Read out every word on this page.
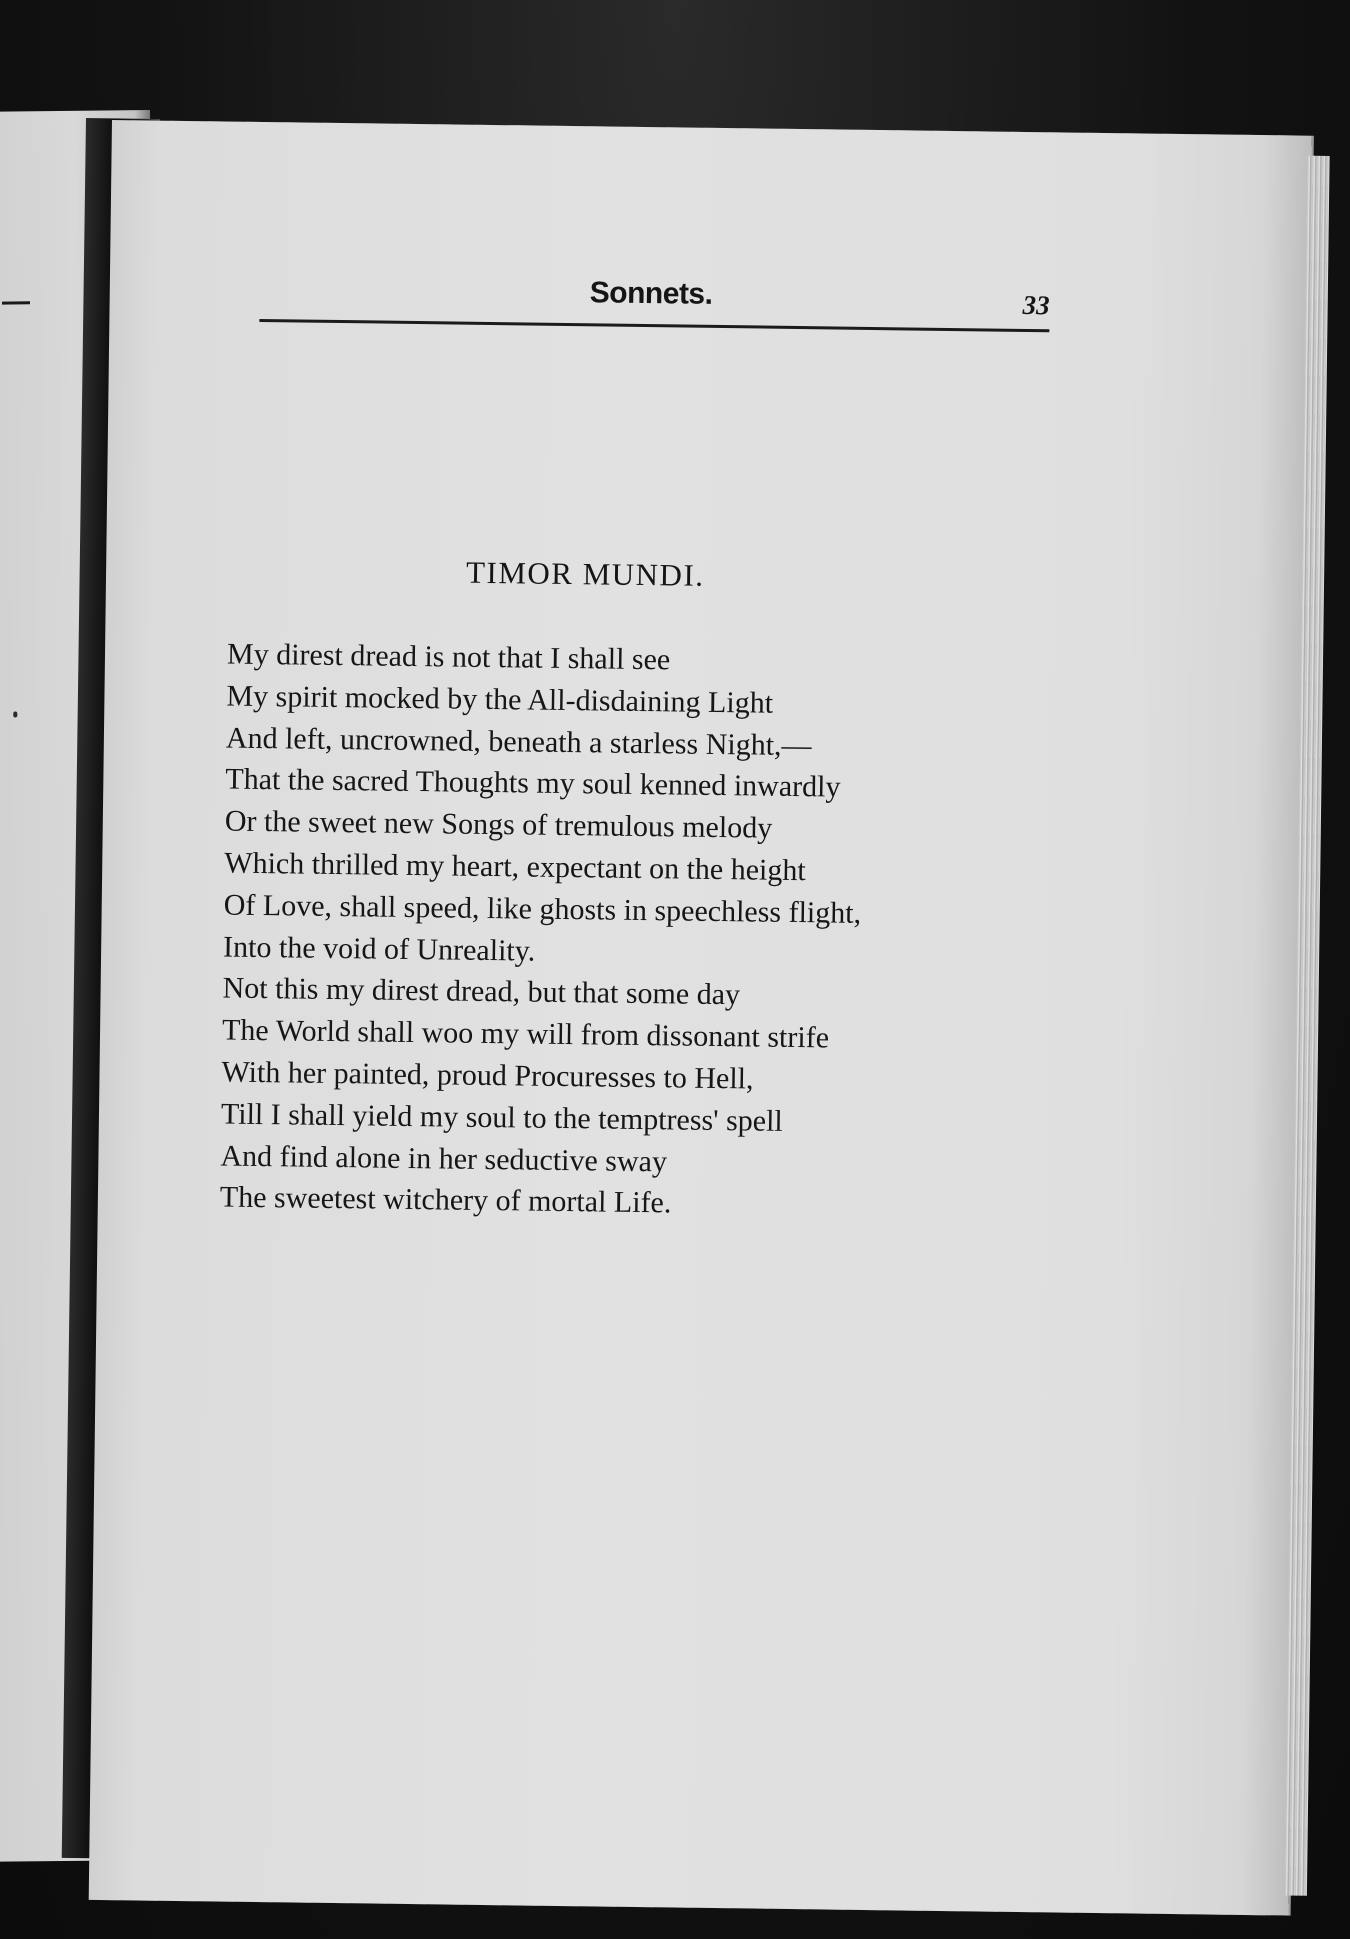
Sonnets.	33
TIMOR MUNDI.
My direst dread is not that I shall see
My spirit mocked by the All-disdaining Light
And left, uncrowned, beneath a starless Night,—
That the sacred Thoughts my soul kenned inwardly
Or the sweet new Songs of tremulous melody
Which thrilled my heart, expectant on the height
Of Love, shall speed, like ghosts in speechless flight,
Into the void of Unreality.
Not this my direst dread, but that some day
The World shall woo my will from dissonant strife
With her painted, proud Procuresses to Hell,
Till I shall yield my soul to the temptress' spell
And find alone in her seductive sway
The sweetest witchery of mortal Life.
